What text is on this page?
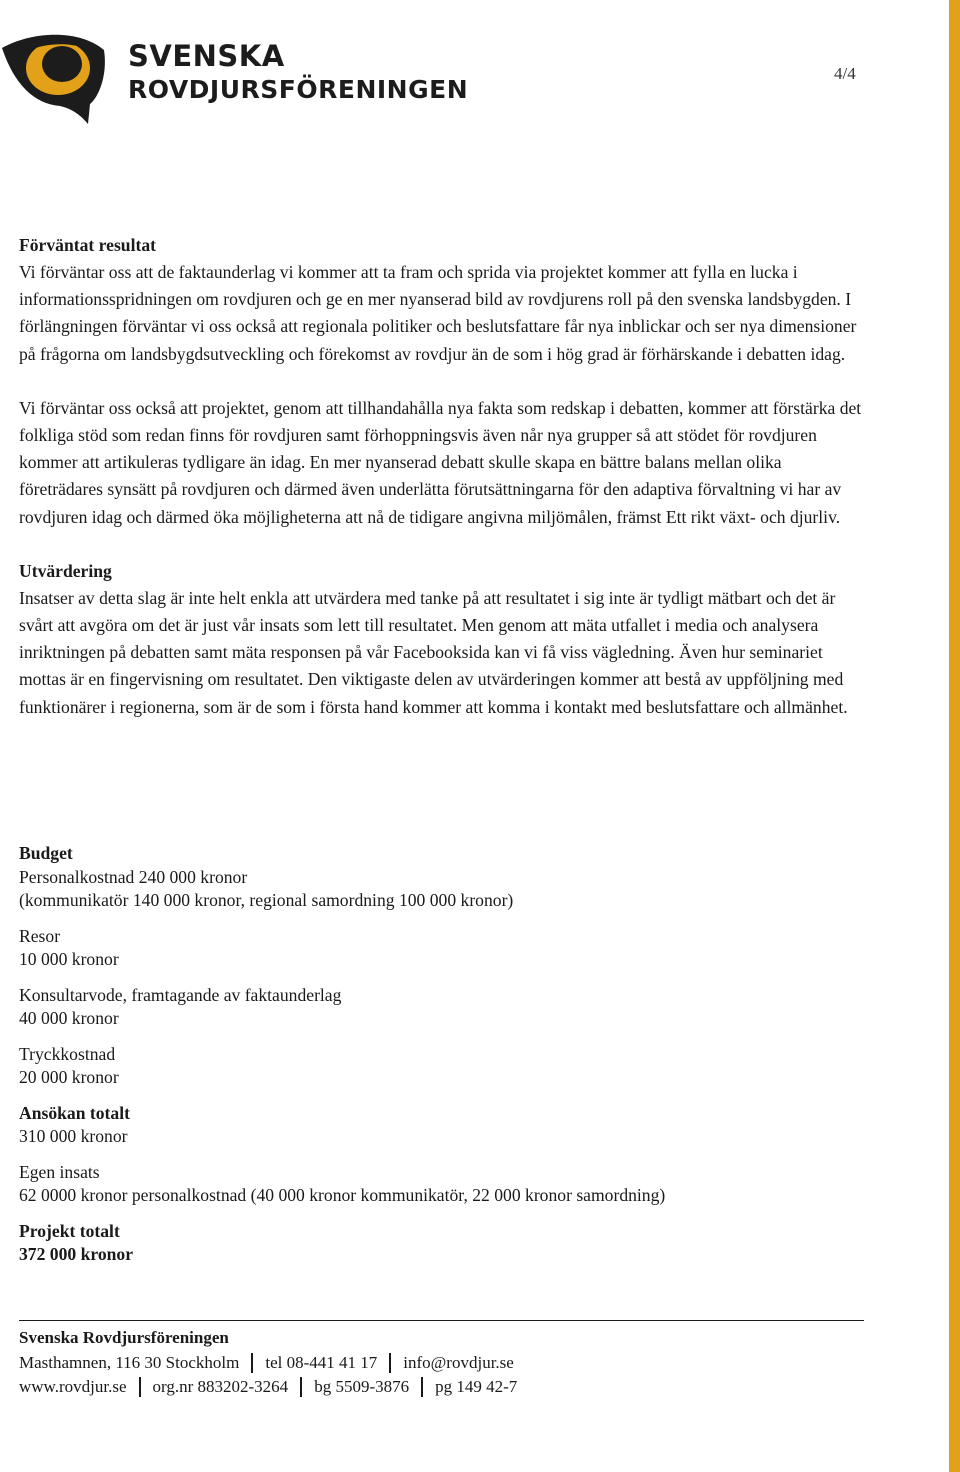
SVENSKA
ROVDJURSFÖRENINGEN
4/4
Förväntat resultat

Vi förväntar oss att de faktaunderlag vi kommer att ta fram och sprida via projektet kommer att fylla en lucka i informationsspridningen om rovdjuren och ge en mer nyanserad bild av rovdjurens roll på den svenska landsbygden. I förlängningen förväntar vi oss också att regionala politiker och beslutsfattare får nya inblickar och ser nya dimensioner på frågorna om landsbygdsutveckling och förekomst av rovdjur än de som i hög grad är förhärskande i debatten idag.

Vi förväntar oss också att projektet, genom att tillhandahålla nya fakta som redskap i debatten, kommer att förstärka det folkliga stöd som redan finns för rovdjuren samt förhoppningsvis även når nya grupper så att stödet för rovdjuren kommer att artikuleras tydligare än idag. En mer nyanserad debatt skulle skapa en bättre balans mellan olika företrädares synsätt på rovdjuren och därmed även underlätta förutsättningarna för den adaptiva förvaltning vi har av rovdjuren idag och därmed öka möjligheterna att nå de tidigare angivna miljömålen, främst Ett rikt växt- och djurliv.

Utvärdering

Insatser av detta slag är inte helt enkla att utvärdera med tanke på att resultatet i sig inte är tydligt mätbart och det är svårt att avgöra om det är just vår insats som lett till resultatet. Men genom att mäta utfallet i media och analysera inriktningen på debatten samt mäta responsen på vår Facebooksida kan vi få viss vägledning. Även hur seminariet mottas är en fingervisning om resultatet. Den viktigaste delen av utvärderingen kommer att bestå av uppföljning med funktionärer i regionerna, som är de som i första hand kommer att komma i kontakt med beslutsfattare och allmänhet.

Budget
Personalkostnad 240 000 kronor
(kommunikatör 140 000 kronor, regional samordning 100 000 kronor)
Resor
10 000 kronor
Konsultarvode, framtagande av faktaunderlag
40 000 kronor
Tryckkostnad
20 000 kronor
Ansökan totalt
310 000 kronor
Egen insats
62 0000 kronor personalkostnad (40 000 kronor kommunikatör, 22 000 kronor samordning)
Projekt totalt
372 000 kronor
Svenska Rovdjursföreningen
Masthamnen, 116 30 Stockholm tel 08-441 41 17 info@rovdjur.se
www.rovdjur.se org.nr 883202-3264 bg 5509-3876 pg 149 42-7
